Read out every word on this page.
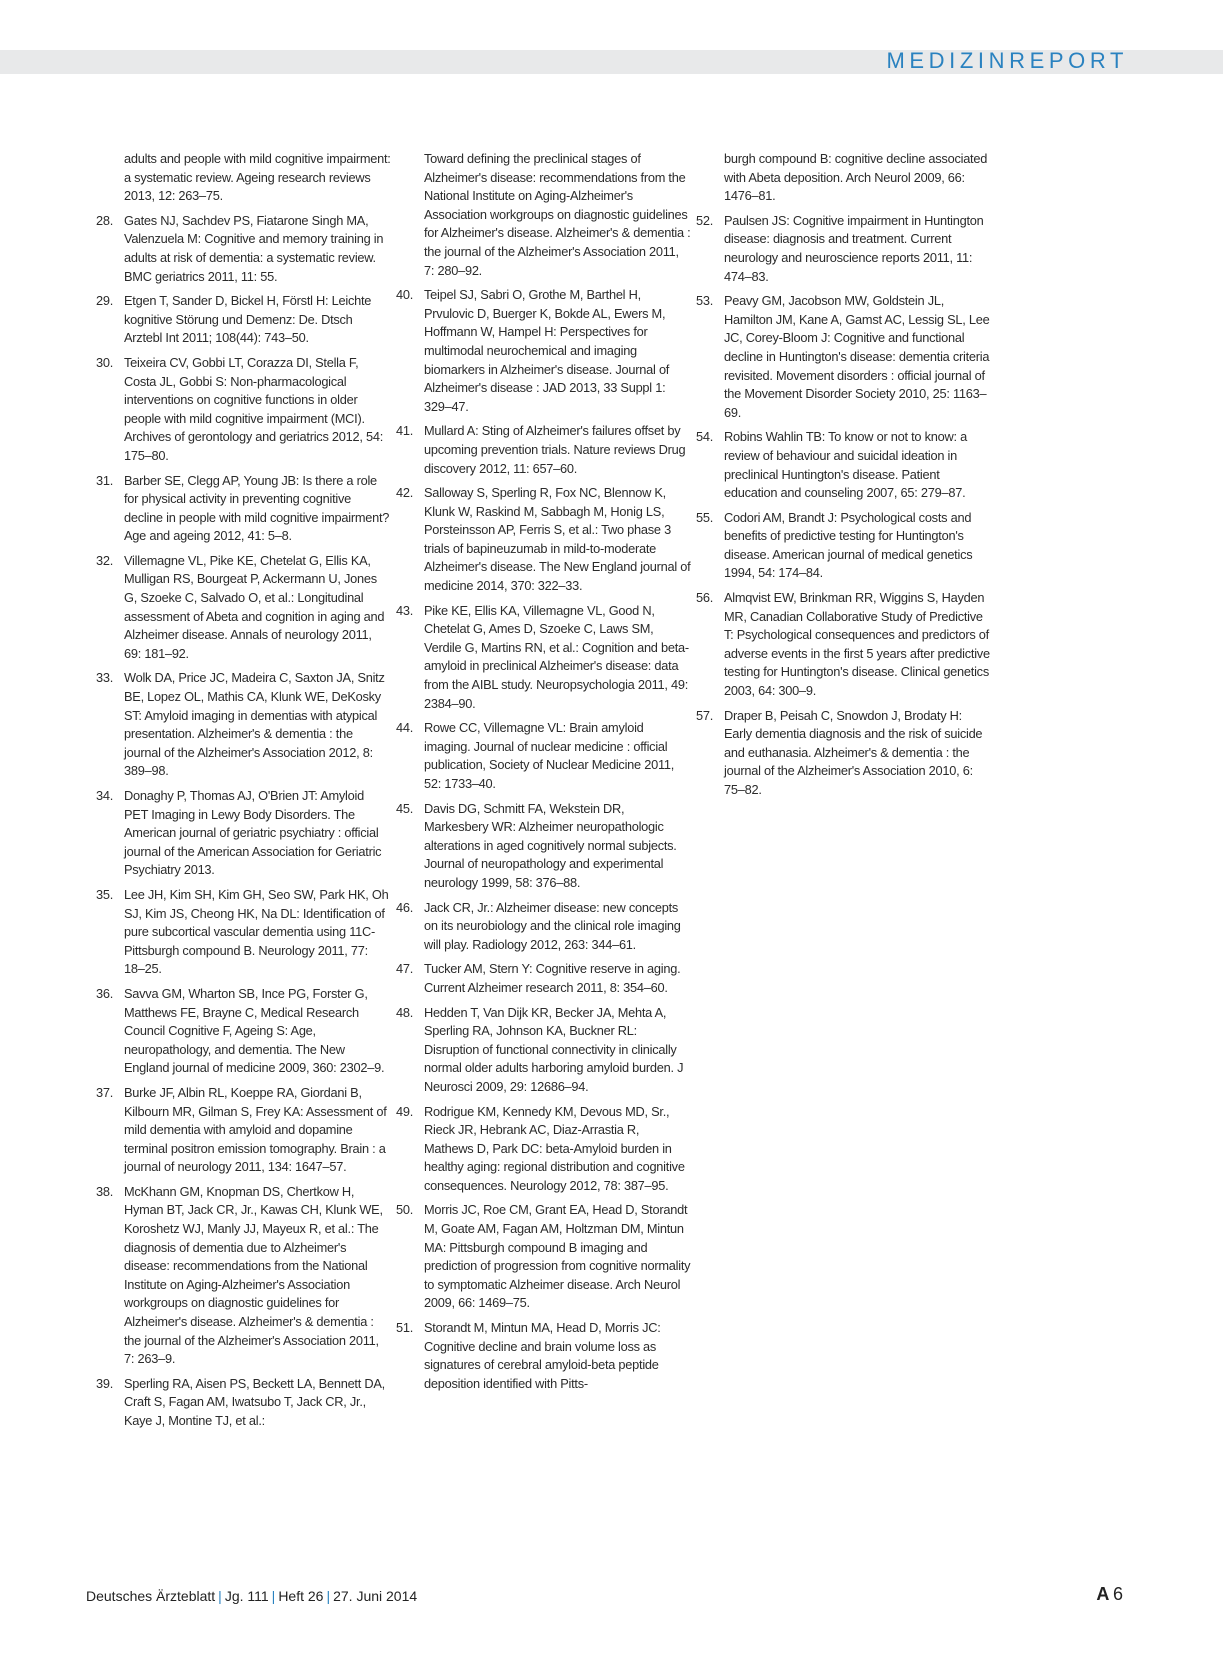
MEDIZINREPORT
adults and people with mild cognitive impairment: a systematic review. Ageing research reviews 2013, 12: 263–75.
28. Gates NJ, Sachdev PS, Fiatarone Singh MA, Valenzuela M: Cognitive and memory training in adults at risk of dementia: a systematic review. BMC geriatrics 2011, 11: 55.
29. Etgen T, Sander D, Bickel H, Förstl H: Leichte kognitive Störung und Demenz: De. Dtsch Arztebl Int 2011; 108(44): 743–50.
30. Teixeira CV, Gobbi LT, Corazza DI, Stella F, Costa JL, Gobbi S: Non-pharmacological interventions on cognitive functions in older people with mild cognitive impairment (MCI). Archives of gerontology and geriatrics 2012, 54: 175–80.
31. Barber SE, Clegg AP, Young JB: Is there a role for physical activity in preventing cognitive decline in people with mild cognitive impairment? Age and ageing 2012, 41: 5–8.
32. Villemagne VL, Pike KE, Chetelat G, Ellis KA, Mulligan RS, Bourgeat P, Ackermann U, Jones G, Szoeke C, Salvado O, et al.: Longitudinal assessment of Abeta and cognition in aging and Alzheimer disease. Annals of neurology 2011, 69: 181–92.
33. Wolk DA, Price JC, Madeira C, Saxton JA, Snitz BE, Lopez OL, Mathis CA, Klunk WE, DeKosky ST: Amyloid imaging in dementias with atypical presentation. Alzheimer's & dementia : the journal of the Alzheimer's Association 2012, 8: 389–98.
34. Donaghy P, Thomas AJ, O'Brien JT: Amyloid PET Imaging in Lewy Body Disorders. The American journal of geriatric psychiatry : official journal of the American Association for Geriatric Psychiatry 2013.
35. Lee JH, Kim SH, Kim GH, Seo SW, Park HK, Oh SJ, Kim JS, Cheong HK, Na DL: Identification of pure subcortical vascular dementia using 11C-Pittsburgh compound B. Neurology 2011, 77: 18–25.
36. Savva GM, Wharton SB, Ince PG, Forster G, Matthews FE, Brayne C, Medical Research Council Cognitive F, Ageing S: Age, neuropathology, and dementia. The New England journal of medicine 2009, 360: 2302–9.
37. Burke JF, Albin RL, Koeppe RA, Giordani B, Kilbourn MR, Gilman S, Frey KA: Assessment of mild dementia with amyloid and dopamine terminal positron emission tomography. Brain : a journal of neurology 2011, 134: 1647–57.
38. McKhann GM, Knopman DS, Chertkow H, Hyman BT, Jack CR, Jr., Kawas CH, Klunk WE, Koroshetz WJ, Manly JJ, Mayeux R, et al.: The diagnosis of dementia due to Alzheimer's disease: recommendations from the National Institute on Aging-Alzheimer's Association workgroups on diagnostic guidelines for Alzheimer's disease. Alzheimer's & dementia : the journal of the Alzheimer's Association 2011, 7: 263–9.
39. Sperling RA, Aisen PS, Beckett LA, Bennett DA, Craft S, Fagan AM, Iwatsubo T, Jack CR, Jr., Kaye J, Montine TJ, et al.:
Toward defining the preclinical stages of Alzheimer's disease: recommendations from the National Institute on Aging-Alzheimer's Association workgroups on diagnostic guidelines for Alzheimer's disease. Alzheimer's & dementia : the journal of the Alzheimer's Association 2011, 7: 280–92.
40. Teipel SJ, Sabri O, Grothe M, Barthel H, Prvulovic D, Buerger K, Bokde AL, Ewers M, Hoffmann W, Hampel H: Perspectives for multimodal neurochemical and imaging biomarkers in Alzheimer's disease. Journal of Alzheimer's disease : JAD 2013, 33 Suppl 1: 329–47.
41. Mullard A: Sting of Alzheimer's failures offset by upcoming prevention trials. Nature reviews Drug discovery 2012, 11: 657–60.
42. Salloway S, Sperling R, Fox NC, Blennow K, Klunk W, Raskind M, Sabbagh M, Honig LS, Porsteinsson AP, Ferris S, et al.: Two phase 3 trials of bapineuzumab in mild-to-moderate Alzheimer's disease. The New England journal of medicine 2014, 370: 322–33.
43. Pike KE, Ellis KA, Villemagne VL, Good N, Chetelat G, Ames D, Szoeke C, Laws SM, Verdile G, Martins RN, et al.: Cognition and beta-amyloid in preclinical Alzheimer's disease: data from the AIBL study. Neuropsychologia 2011, 49: 2384–90.
44. Rowe CC, Villemagne VL: Brain amyloid imaging. Journal of nuclear medicine : official publication, Society of Nuclear Medicine 2011, 52: 1733–40.
45. Davis DG, Schmitt FA, Wekstein DR, Markesbery WR: Alzheimer neuropathologic alterations in aged cognitively normal subjects. Journal of neuropathology and experimental neurology 1999, 58: 376–88.
46. Jack CR, Jr.: Alzheimer disease: new concepts on its neurobiology and the clinical role imaging will play. Radiology 2012, 263: 344–61.
47. Tucker AM, Stern Y: Cognitive reserve in aging. Current Alzheimer research 2011, 8: 354–60.
48. Hedden T, Van Dijk KR, Becker JA, Mehta A, Sperling RA, Johnson KA, Buckner RL: Disruption of functional connectivity in clinically normal older adults harboring amyloid burden. J Neurosci 2009, 29: 12686–94.
49. Rodrigue KM, Kennedy KM, Devous MD, Sr., Rieck JR, Hebrank AC, Diaz-Arrastia R, Mathews D, Park DC: beta-Amyloid burden in healthy aging: regional distribution and cognitive consequences. Neurology 2012, 78: 387–95.
50. Morris JC, Roe CM, Grant EA, Head D, Storandt M, Goate AM, Fagan AM, Holtzman DM, Mintun MA: Pittsburgh compound B imaging and prediction of progression from cognitive normality to symptomatic Alzheimer disease. Arch Neurol 2009, 66: 1469–75.
51. Storandt M, Mintun MA, Head D, Morris JC: Cognitive decline and brain volume loss as signatures of cerebral amyloid-beta peptide deposition identified with Pitts-
burgh compound B: cognitive decline associated with Abeta deposition. Arch Neurol 2009, 66: 1476–81.
52. Paulsen JS: Cognitive impairment in Huntington disease: diagnosis and treatment. Current neurology and neuroscience reports 2011, 11: 474–83.
53. Peavy GM, Jacobson MW, Goldstein JL, Hamilton JM, Kane A, Gamst AC, Lessig SL, Lee JC, Corey-Bloom J: Cognitive and functional decline in Huntington's disease: dementia criteria revisited. Movement disorders : official journal of the Movement Disorder Society 2010, 25: 1163–69.
54. Robins Wahlin TB: To know or not to know: a review of behaviour and suicidal ideation in preclinical Huntington's disease. Patient education and counseling 2007, 65: 279–87.
55. Codori AM, Brandt J: Psychological costs and benefits of predictive testing for Huntington's disease. American journal of medical genetics 1994, 54: 174–84.
56. Almqvist EW, Brinkman RR, Wiggins S, Hayden MR, Canadian Collaborative Study of Predictive T: Psychological consequences and predictors of adverse events in the first 5 years after predictive testing for Huntington's disease. Clinical genetics 2003, 64: 300–9.
57. Draper B, Peisah C, Snowdon J, Brodaty H: Early dementia diagnosis and the risk of suicide and euthanasia. Alzheimer's & dementia : the journal of the Alzheimer's Association 2010, 6: 75–82.
Deutsches Ärzteblatt | Jg. 111 | Heft 26 | 27. Juni 2014	A  6
